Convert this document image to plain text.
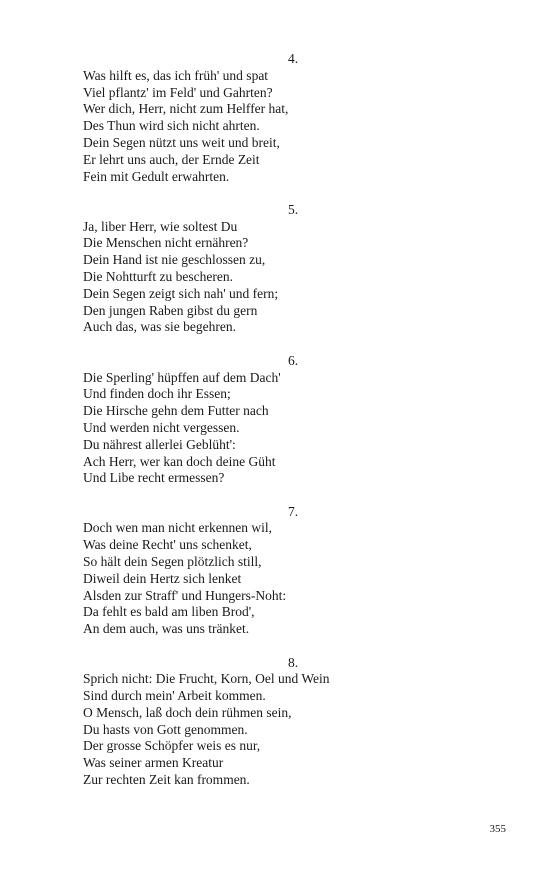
4.
Was hilft es, das ich früh' und spat
Viel pflantz' im Feld' und Gahrten?
Wer dich, Herr, nicht zum Helffer hat,
Des Thun wird sich nicht ahrten.
Dein Segen nützt uns weit und breit,
Er lehrt uns auch, der Ernde Zeit
Fein mit Gedult erwahrten.
5.
Ja, liber Herr, wie soltest Du
Die Menschen nicht ernähren?
Dein Hand ist nie geschlossen zu,
Die Nohtturft zu bescheren.
Dein Segen zeigt sich nah' und fern;
Den jungen Raben gibst du gern
Auch das, was sie begehren.
6.
Die Sperling' hüpffen auf dem Dach'
Und finden doch ihr Essen;
Die Hirsche gehn dem Futter nach
Und werden nicht vergessen.
Du nährest allerlei Geblüht':
Ach Herr, wer kan doch deine Güht
Und Libe recht ermessen?
7.
Doch wen man nicht erkennen wil,
Was deine Recht' uns schenket,
So hält dein Segen plötzlich still,
Diweil dein Hertz sich lenket
Alsden zur Straff' und Hungers-Noht:
Da fehlt es bald am liben Brod',
An dem auch, was uns tränket.
8.
Sprich nicht: Die Frucht, Korn, Oel und Wein
Sind durch mein' Arbeit kommen.
O Mensch, laß doch dein rühmen sein,
Du hasts von Gott genommen.
Der grosse Schöpfer weis es nur,
Was seiner armen Kreatur
Zur rechten Zeit kan frommen.
355
